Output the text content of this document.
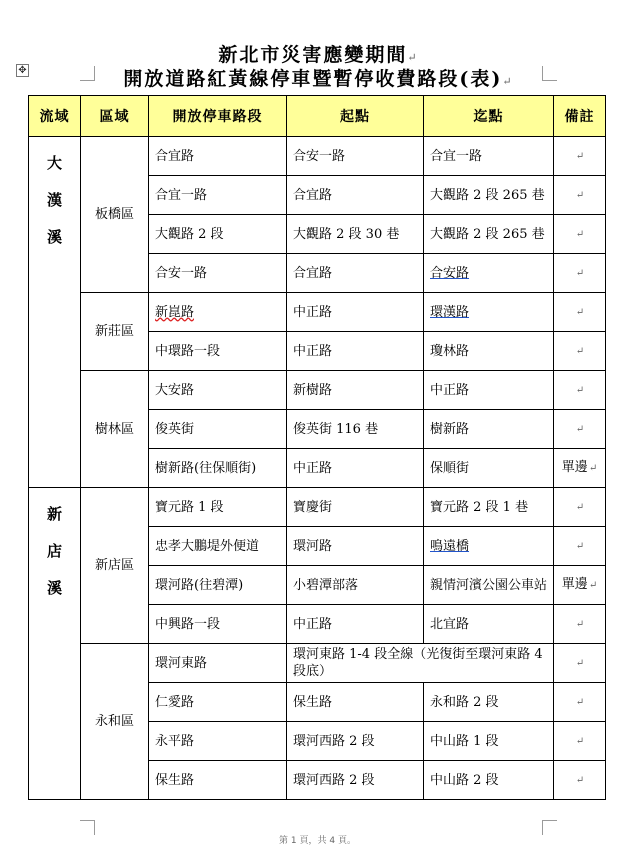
✥
新北市災害應變期間↵
開放道路紅黃線停車暨暫停收費路段(表)↵
流域	區域	開放停車路段	起點	迄點	備註

大
漢
溪	板橋區	合宜路	合安一路	合宜一路	↵
		合宜一路	合宜路	大觀路 2 段 265 巷	↵
		大觀路 2 段	大觀路 2 段 30 巷	大觀路 2 段 265 巷	↵
		合安一路	合宜路	合安路	↵
	新莊區	新崑路	中正路	環漢路	↵
		中環路一段	中正路	瓊林路	↵
	樹林區	大安路	新樹路	中正路	↵
		俊英街	俊英街 116 巷	樹新路	↵
		樹新路(往保順街)	中正路	保順街	單邊↵

新
店
溪	新店區	寶元路 1 段	寶慶街	寶元路 2 段 1 巷	↵
		忠孝大鵬堤外便道	環河路	鳴遠橋	↵
		環河路(往碧潭)	小碧潭部落	親情河濱公園公車站	單邊↵
		中興路一段	中正路	北宜路	↵
	永和區	環河東路	環河東路 1-4 段全線（光復街至環河東路 4 段底）		↵
		仁愛路	保生路	永和路 2 段	↵
		永平路	環河西路 2 段	中山路 1 段	↵
		保生路	環河西路 2 段	中山路 2 段	↵
第 1 頁，共 4 頁。
